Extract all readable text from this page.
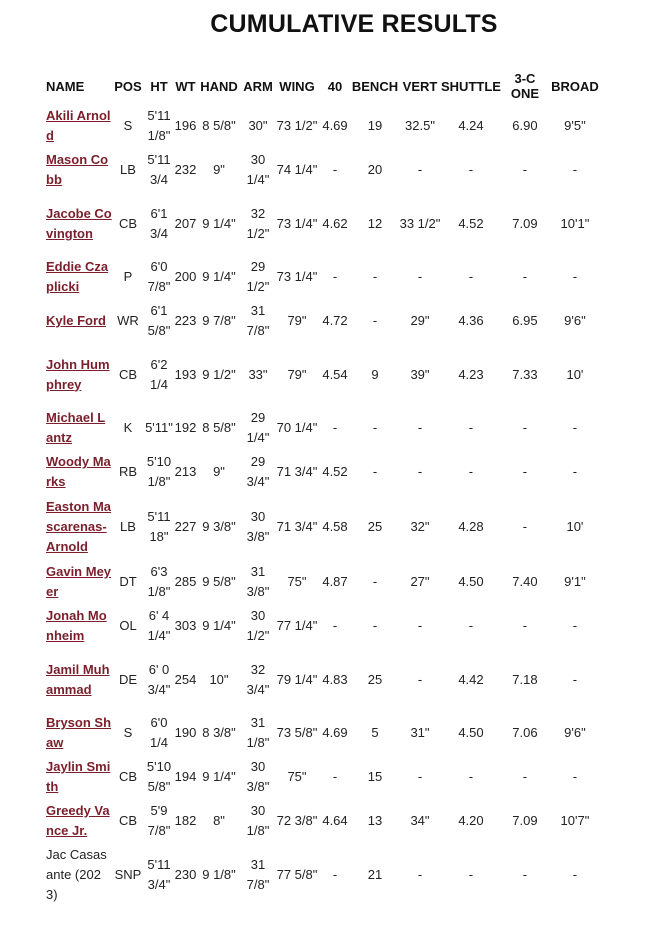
CUMULATIVE RESULTS
NAME	POS	HT	WT	HAND	ARM	WING	40	BENCH	VERT	SHUTTLE	3-CONE	BROAD
Akili Arnold	S	5'11 1/8"	196	8 5/8"	30"	73 1/2"	4.69	19	32.5"	4.24	6.90	9'5"
Mason Cobb	LB	5'11 3/4	232	9"	30 1/4"	74 1/4"	-	20	-	-	-	-
Jacobe Covington	CB	6'1 3/4	207	9 1/4"	32 1/2"	73 1/4"	4.62	12	33 1/2"	4.52	7.09	10'1"
Eddie Czaplicki	P	6'0 7/8"	200	9 1/4"	29 1/2"	73 1/4"	-	-	-	-	-	-
Kyle Ford	WR	6'1 5/8"	223	9 7/8"	31 7/8"	79"	4.72	-	29"	4.36	6.95	9'6"
John Humphrey	CB	6'2 1/4	193	9 1/2"	33"	79"	4.54	9	39"	4.23	7.33	10'
Michael Lantz	K	5'11"	192	8 5/8"	29 1/4"	70 1/4"	-	-	-	-	-	-
Woody Marks	RB	5'10 1/8"	213	9"	29 3/4"	71 3/4"	4.52	-	-	-	-	-
Easton Mascarenas-Arnold	LB	5'11 18"	227	9 3/8"	30 3/8"	71 3/4"	4.58	25	32"	4.28	-	10'
Gavin Meyer	DT	6'3 1/8"	285	9 5/8"	31 3/8"	75"	4.87	-	27"	4.50	7.40	9'1"
Jonah Monheim	OL	6' 4 1/4"	303	9 1/4"	30 1/2"	77 1/4"	-	-	-	-	-	-
Jamil Muhammad	DE	6' 0 3/4"	254	10"	32 3/4"	79 1/4"	4.83	25	-	4.42	7.18	-
Bryson Shaw	S	6'0 1/4	190	8 3/8"	31 1/8"	73 5/8"	4.69	5	31"	4.50	7.06	9'6"
Jaylin Smith	CB	5'10 5/8"	194	9 1/4"	30 3/8"	75"	-	15	-	-	-	-
Greedy Vance Jr.	CB	5'9 7/8"	182	8"	30 1/8"	72 3/8"	4.64	13	34"	4.20	7.09	10'7"
Jac Casasante (2023)	SNP	5'11 3/4"	230	9 1/8"	31 7/8"	77 5/8"	-	21	-	-	-	-
